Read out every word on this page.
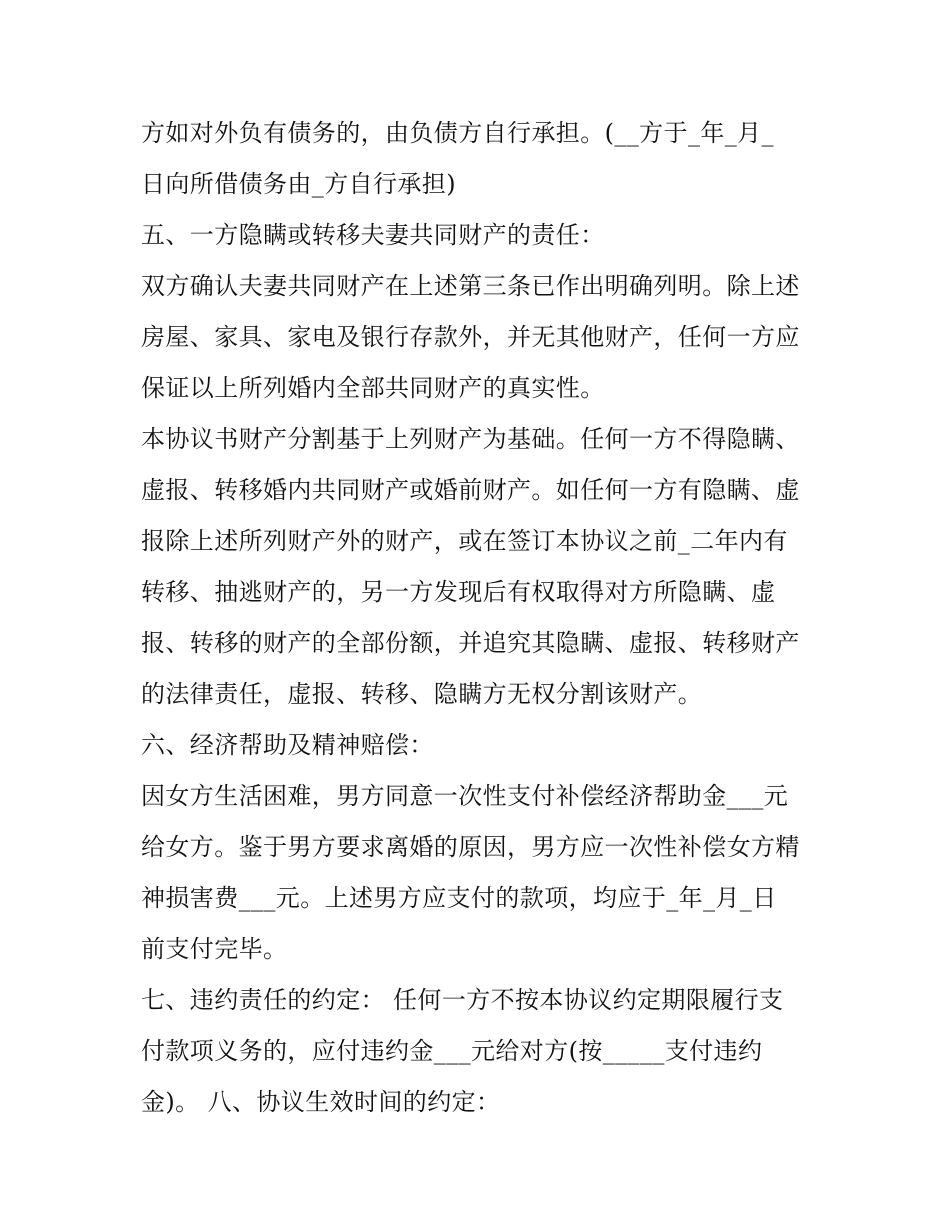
方如对外负有债务的，由负债方自行承担。(__方于_年_月_
日向所借债务由_方自行承担)
五、一方隐瞒或转移夫妻共同财产的责任：
双方确认夫妻共同财产在上述第三条已作出明确列明。除上述
房屋、家具、家电及银行存款外，并无其他财产，任何一方应
保证以上所列婚内全部共同财产的真实性。
本协议书财产分割基于上列财产为基础。任何一方不得隐瞒、
虚报、转移婚内共同财产或婚前财产。如任何一方有隐瞒、虚
报除上述所列财产外的财产，或在签订本协议之前_二年内有
转移、抽逃财产的，另一方发现后有权取得对方所隐瞒、虚
报、转移的财产的全部份额，并追究其隐瞒、虚报、转移财产
的法律责任，虚报、转移、隐瞒方无权分割该财产。
六、经济帮助及精神赔偿：
因女方生活困难，男方同意一次性支付补偿经济帮助金___元
给女方。鉴于男方要求离婚的原因，男方应一次性补偿女方精
神损害费___元。上述男方应支付的款项，均应于_年_月_日
前支付完毕。
七、违约责任的约定： 任何一方不按本协议约定期限履行支
付款项义务的，应付违约金___元给对方(按_____支付违约
金)。 八、协议生效时间的约定：
